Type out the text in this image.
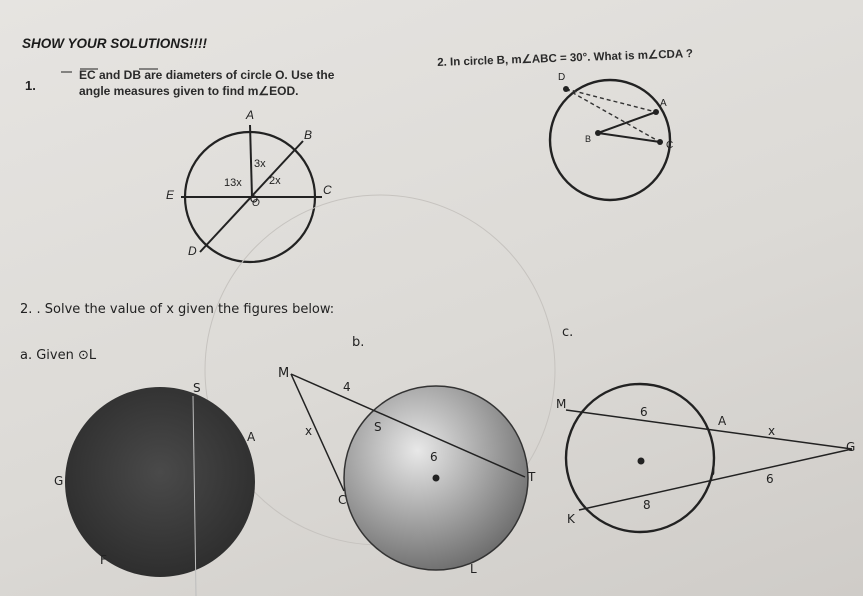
SHOW YOUR SOLUTIONS!!!!
1.
EC and DB are diameters of circle O. Use the
angle measures given to find m∠EOD.
A
B
C
D
E
O
3x
2x
13x
2. In circle B, m∠ABC = 30°. What is m∠CDA ?
D
A
B
C
2. . Solve the value of x given the figures below:
a. Given ⊙L
b.
c.
S
A
G
F
M
4
x	S
6
C
T
L
M
6
A
x
G
K
J
8
6
